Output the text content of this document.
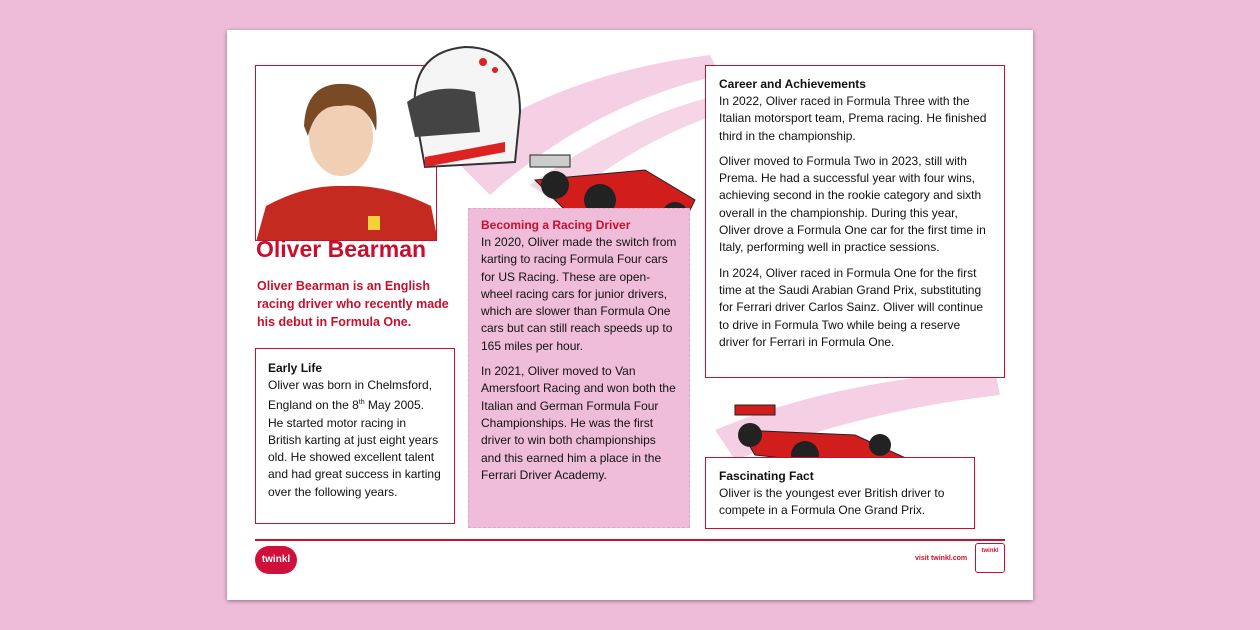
Oliver Bearman
Oliver Bearman is an English racing driver who recently made his debut in Formula One.
Early Life
Oliver was born in Chelmsford, England on the 8th May 2005. He started motor racing in British karting at just eight years old. He showed excellent talent and had great success in karting over the following years.
Becoming a Racing Driver

In 2020, Oliver made the switch from karting to racing Formula Four cars for US Racing. These are open-wheel racing cars for junior drivers, which are slower than Formula One cars but can still reach speeds up to 165 miles per hour.

In 2021, Oliver moved to Van Amersfoort Racing and won both the Italian and German Formula Four Championships. He was the first driver to win both championships and this earned him a place in the Ferrari Driver Academy.

Career and Achievements

In 2022, Oliver raced in Formula Three with the Italian motorsport team, Prema racing. He finished third in the championship.

Oliver moved to Formula Two in 2023, still with Prema. He had a successful year with four wins, achieving second in the rookie category and sixth overall in the championship. During this year, Oliver drove a Formula One car for the first time in Italy, performing well in practice sessions.

In 2024, Oliver raced in Formula One for the first time at the Saudi Arabian Grand Prix, substituting for Ferrari driver Carlos Sainz. Oliver will continue to drive in Formula Two while being a reserve driver for Ferrari in Formula One.

Fascinating Fact
Oliver is the youngest ever British driver to compete in a Formula One Grand Prix.
twinkl	visit twinkl.com
twinkl
